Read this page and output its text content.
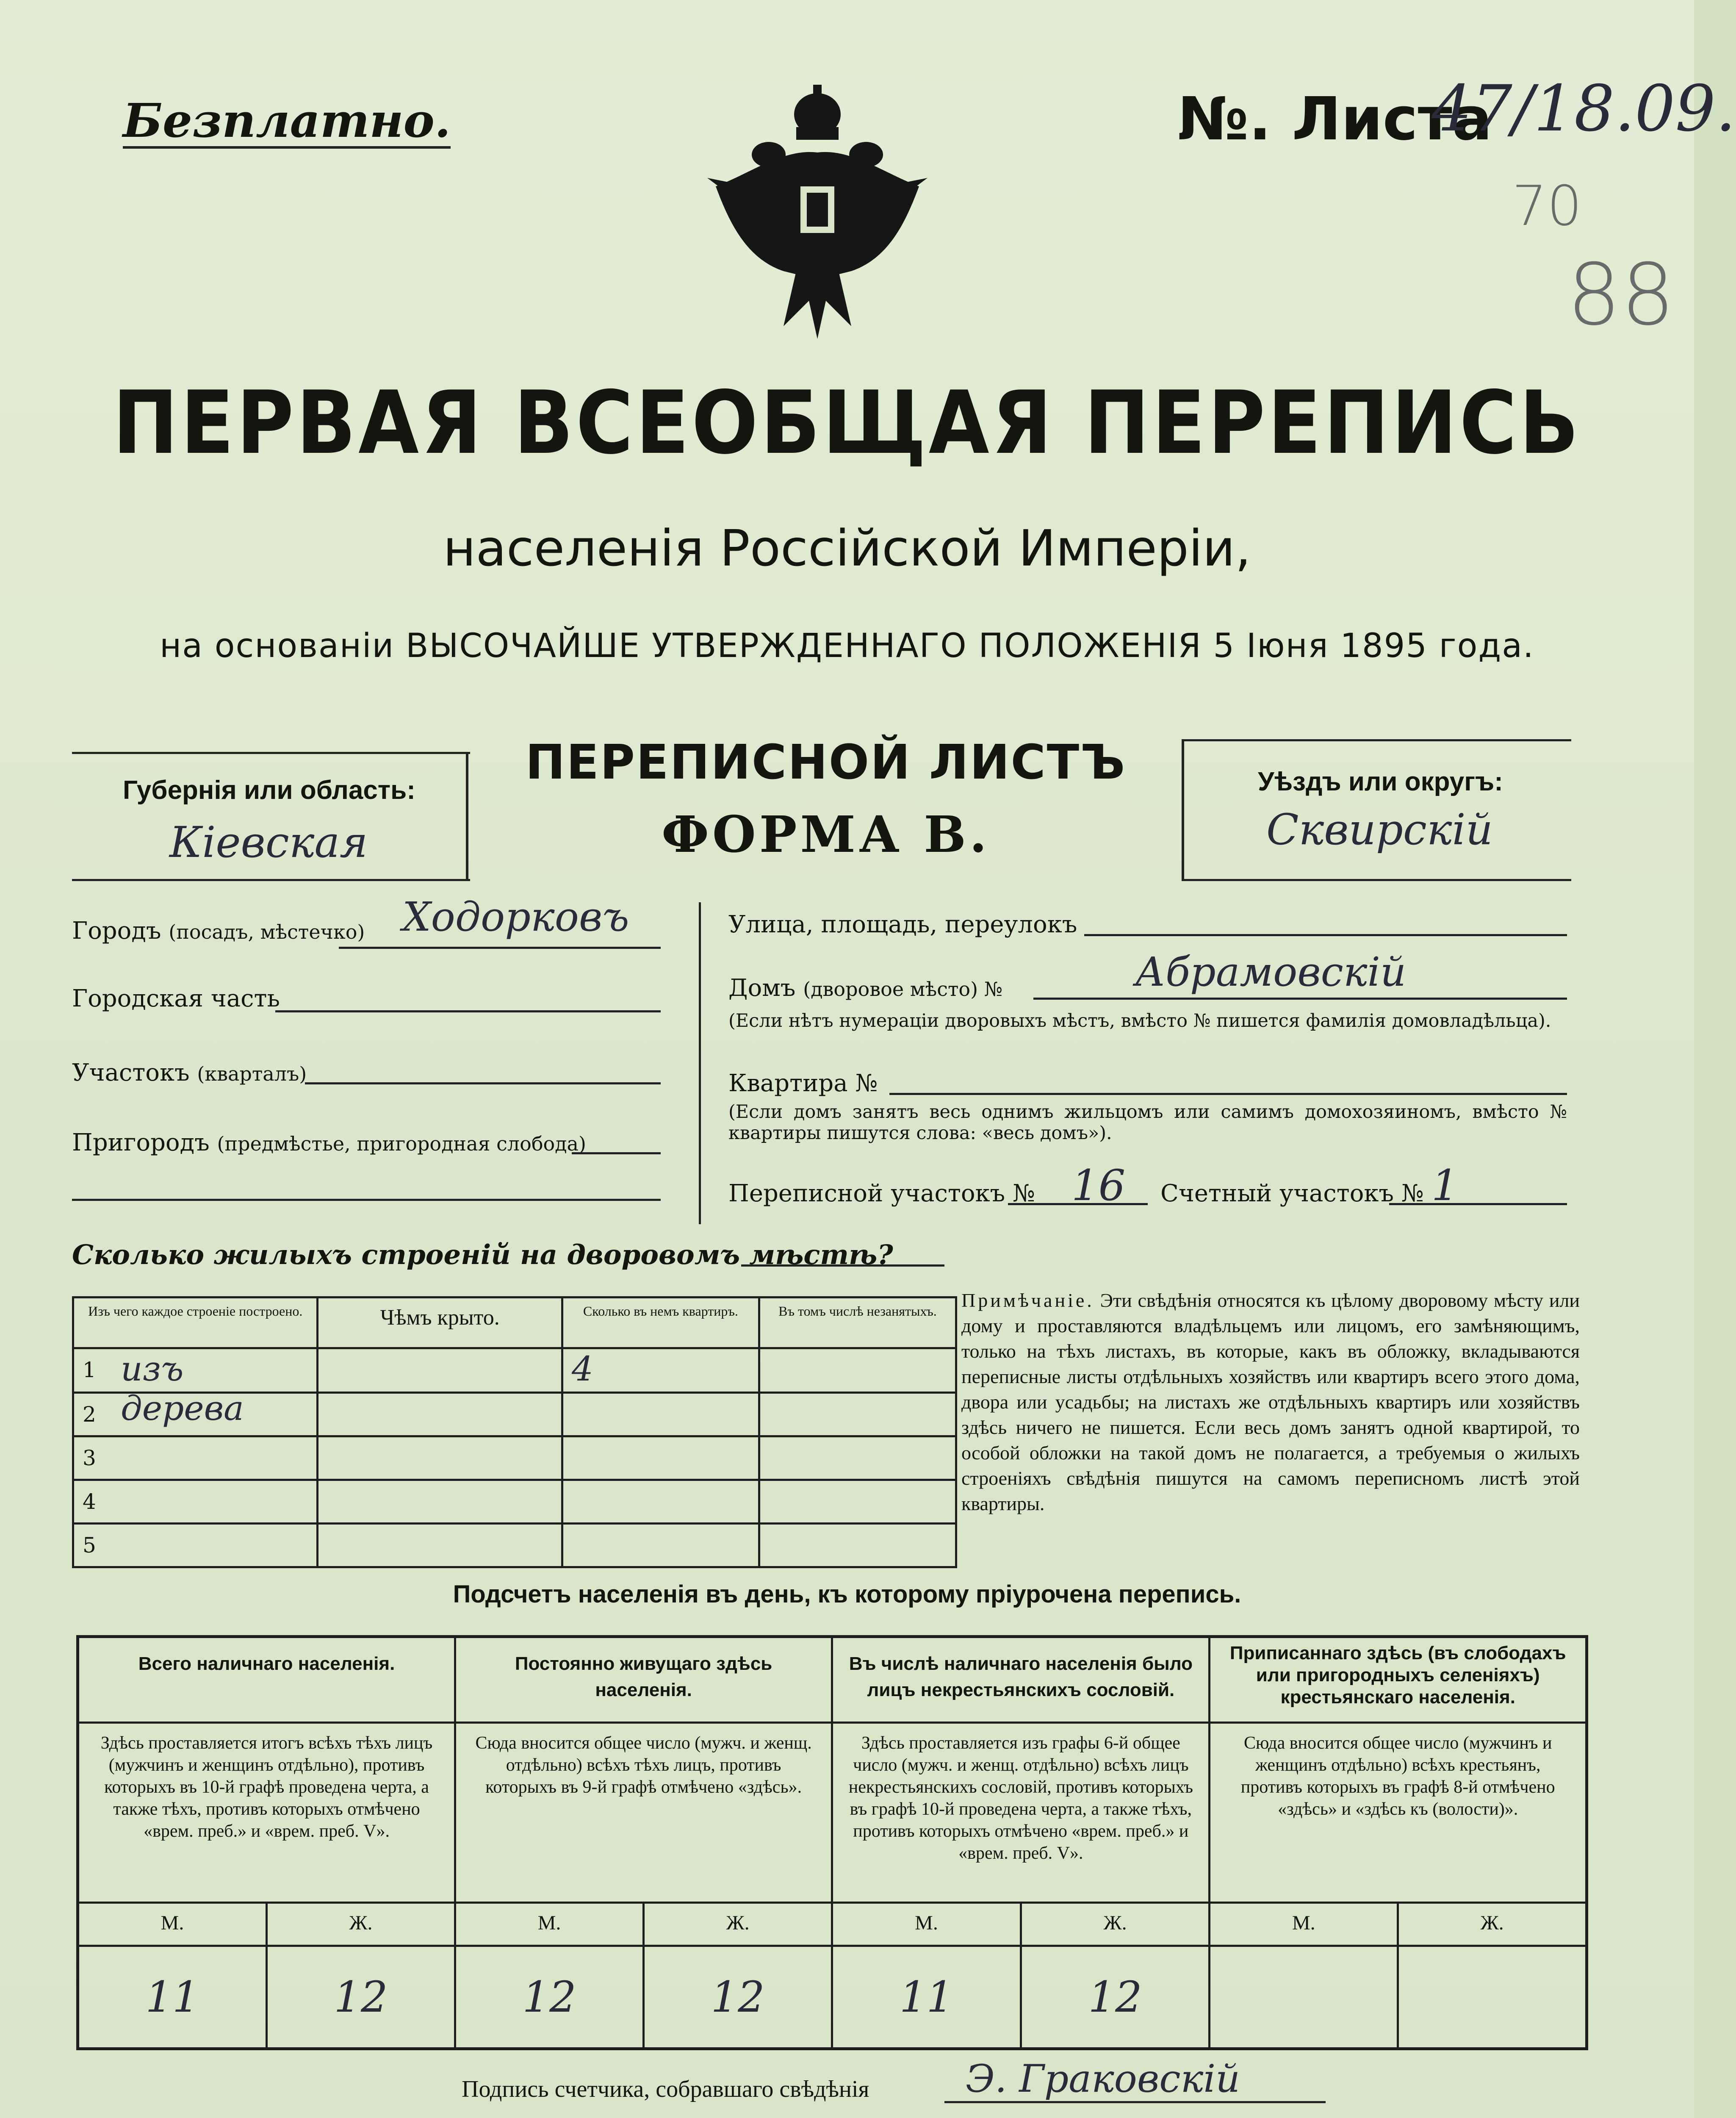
Безплатно.	№. Листа
47/18.09.
70
88
ПЕРВАЯ ВСЕОБЩАЯ ПЕРЕПИСЬ
населенія Россійской Имперіи,
на основаніи ВЫСОЧАЙШЕ УТВЕРЖДЕННАГО ПОЛОЖЕНІЯ 5 Іюня 1895 года.
Губернія или область:
Кіевская
ПЕРЕПИСНОЙ ЛИСТЪ
ФОРМА В.
Уѣздъ или округъ:
Сквирскій
Городъ (посадъ, мѣстечко) Ходорковъ
Городская часть
Участокъ (кварталъ)
Пригородъ (предмѣстье, пригородная слобода)
Улица, площадь, переулокъ
Домъ (дворовое мѣсто) №	Абрамовскій
(Если нѣтъ нумераціи дворовыхъ мѣстъ, вмѣсто № пишется фамилія домовладѣльца).
Квартира №
(Если домъ занятъ весь однимъ жильцомъ или самимъ домохозяиномъ, вмѣсто № квартиры пишутся слова: «весь домъ»).
Переписной участокъ № 16 Счетный участокъ № 1
Сколько жилыхъ строеній на дворовомъ мѣстѣ?
Изъ чего каждое строеніе построено.	Чѣмъ крыто.	Сколько въ немъ квартиръ.	Въ томъ числѣ незанятыхъ.

1 изъ дерева		4	

2			

3			

4			

5			

Примѣчаніе. Эти свѣдѣнія относятся къ цѣлому дворовому мѣсту или дому и проставляются владѣльцемъ или лицомъ, его замѣняющимъ, только на тѣхъ листахъ, въ которые, какъ въ обложку, вкладываются переписные листы отдѣльныхъ хозяйствъ или квартиръ всего этого дома, двора или усадьбы; на листахъ же отдѣльныхъ квартиръ или хозяйствъ здѣсь ничего не пишется. Если весь домъ занятъ одной квартирой, то особой обложки на такой домъ не полагается, а требуемыя о жилыхъ строеніяхъ свѣдѣнія пишутся на самомъ переписномъ листѣ этой квартиры.
Подсчетъ населенія въ день, къ которому пріурочена перепись.
Всего наличнаго населенія.		Постоянно живущаго здѣсь населенія.		Въ числѣ наличнаго населенія было лицъ некрестьянскихъ сословій.		Приписаннаго здѣсь (въ слободахъ или пригородныхъ селеніяхъ) крестьянскаго населенія.	

Здѣсь проставляется итогъ всѣхъ тѣхъ лицъ (мужчинъ и женщинъ отдѣльно), противъ которыхъ въ 10-й графѣ проведена черта, а также тѣхъ, противъ которыхъ отмѣчено «врем. преб.» и «врем. преб. V».		Сюда вносится общее число (мужч. и женщ. отдѣльно) всѣхъ тѣхъ лицъ, противъ которыхъ въ 9-й графѣ отмѣчено «здѣсь».		Здѣсь проставляется изъ графы 6-й общее число (мужч. и женщ. отдѣльно) всѣхъ лицъ некрестьянскихъ сословій, противъ которыхъ въ графѣ 10-й проведена черта, а также тѣхъ, противъ которыхъ отмѣчено «врем. преб.» и «врем. преб. V».		Сюда вносится общее число (мужчинъ и женщинъ отдѣльно) всѣхъ крестьянъ, противъ которыхъ въ графѣ 8-й отмѣчено «здѣсь» и «здѣсь къ (волости)».	

М.	Ж.	М.	Ж.	М.	Ж.	М.	Ж.

11	12	12	12	11	12		

Подпись счетчика, собравшаго свѣдѣнія	Э. Граковскій
